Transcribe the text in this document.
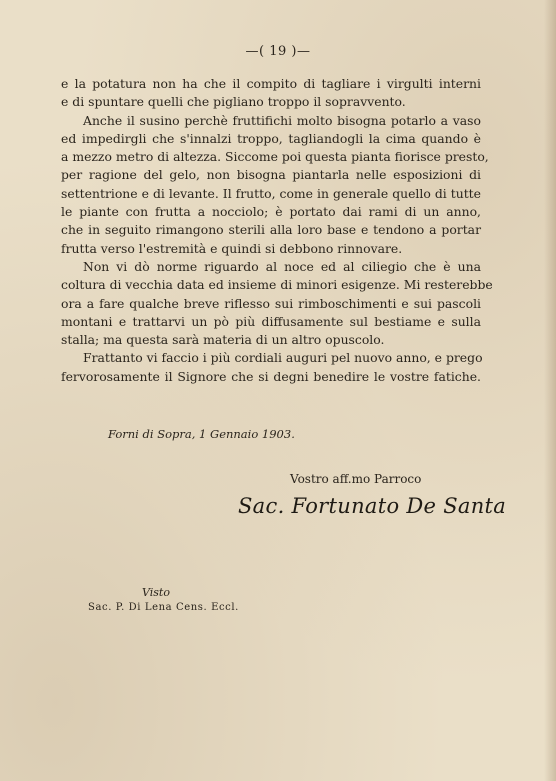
—( 19 )—
e la potatura non ha che il compito di tagliare i virgulti interni
e di spuntare quelli che pigliano troppo il sopravvento.
Anche il susino perchè fruttifichi molto bisogna potarlo a vaso
ed impedirgli che s'innalzi troppo, tagliandogli la cima quando è
a mezzo metro di altezza. Siccome poi questa pianta fiorisce presto,
per ragione del gelo, non bisogna piantarla nelle esposizioni di
settentrione e di levante. Il frutto, come in generale quello di tutte
le piante con frutta a nocciolo; è portato dai rami di un anno,
che in seguito rimangono sterili alla loro base e tendono a portar
frutta verso l'estremità e quindi si debbono rinnovare.
Non vi dò norme riguardo al noce ed al ciliegio che è una
coltura di vecchia data ed insieme di minori esigenze. Mi resterebbe
ora a fare qualche breve riflesso sui rimboschimenti e sui pascoli
montani e trattarvi un pò più diffusamente sul bestiame e sulla
stalla; ma questa sarà materia di un altro opuscolo.
Frattanto vi faccio i più cordiali auguri pel nuovo anno, e prego
fervorosamente il Signore che si degni benedire le vostre fatiche.
Forni di Sopra, 1 Gennaio 1903.
Vostro aff.mo Parroco
Sac. Fortunato De Santa
Visto
Sac. P. Di Lena Cens. Eccl.
